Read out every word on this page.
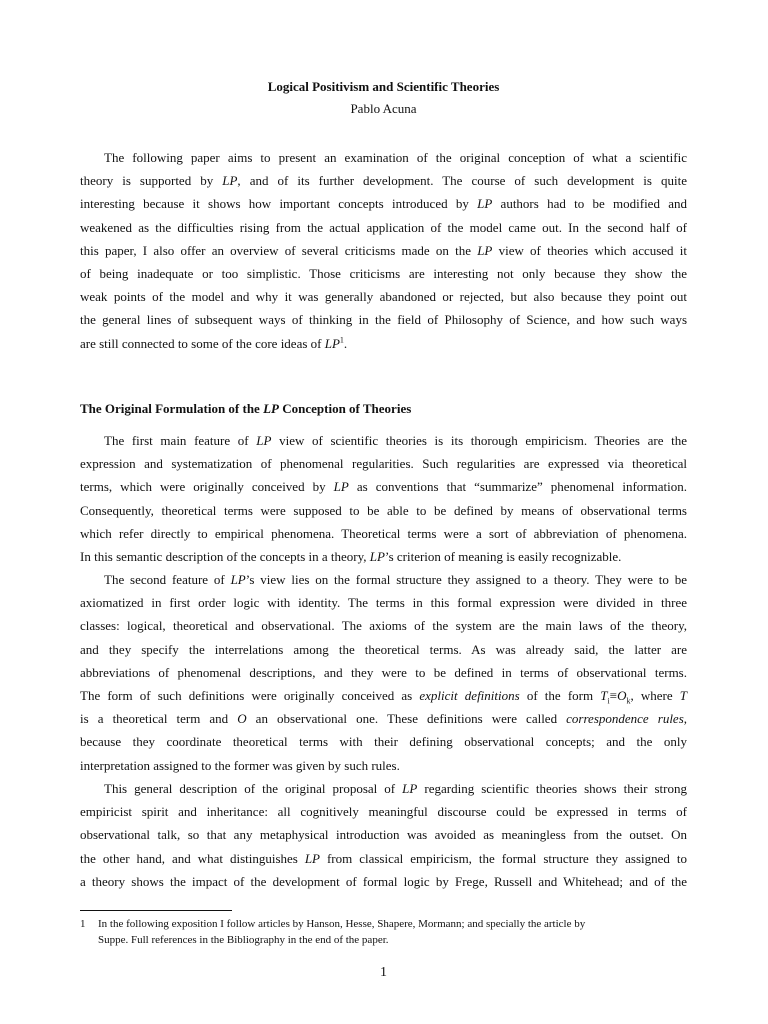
Logical Positivism and Scientific Theories
Pablo Acuna

The following paper aims to present an examination of the original conception of what a scientific
theory is supported by LP, and of its further development. The course of such development is quite
interesting because it shows how important concepts introduced by LP authors had to be modified and
weakened as the difficulties rising from the actual application of the model came out. In the second half of
this paper, I also offer an overview of several criticisms made on the LP view of theories which accused it
of being inadequate or too simplistic. Those criticisms are interesting not only because they show the
weak points of the model and why it was generally abandoned or rejected, but also because they point out
the general lines of subsequent ways of thinking in the field of Philosophy of Science, and how such ways
are still connected to some of the core ideas of $LP^1$.

The Original Formulation of the LP Conception of Theories

The first main feature of LP view of scientific theories is its thorough empiricism. Theories are the
expression and systematization of phenomenal regularities. Such regularities are expressed via theoretical
terms, which were originally conceived by LP as conventions that “summarize” phenomenal information.
Consequently, theoretical terms were supposed to be able to be defined by means of observational terms
which refer directly to empirical phenomena. Theoretical terms were a sort of abbreviation of phenomena.
In this semantic description of the concepts in a theory, LP’s criterion of meaning is easily recognizable.

The second feature of LP’s view lies on the formal structure they assigned to a theory. They were to be
axiomatized in first order logic with identity. The terms in this formal expression were divided in three
classes: logical, theoretical and observational. The axioms of the system are the main laws of the theory,
and they specify the interrelations among the theoretical terms. As was already said, the latter are
abbreviations of phenomenal descriptions, and they were to be defined in terms of observational terms.
The form of such definitions were originally conceived as explicit definitions of the form $T_i\equiv O_k$, where T
is a theoretical term and O an observational one. These definitions were called correspondence rules,
because they coordinate theoretical terms with their defining observational concepts; and the only
interpretation assigned to the former was given by such rules.

This general description of the original proposal of LP regarding scientific theories shows their strong
empiricist spirit and inheritance: all cognitively meaningful discourse could be expressed in terms of
observational talk, so that any metaphysical introduction was avoided as meaningless from the outset. On
the other hand, and what distinguishes LP from classical empiricism, the formal structure they assigned to
a theory shows the impact of the development of formal logic by Frege, Russell and Whitehead; and of the

1 In the following exposition I follow articles by Hanson, Hesse, Shapere, Mormann; and specially the article by
Suppe. Full references in the Bibliography in the end of the paper.
1
